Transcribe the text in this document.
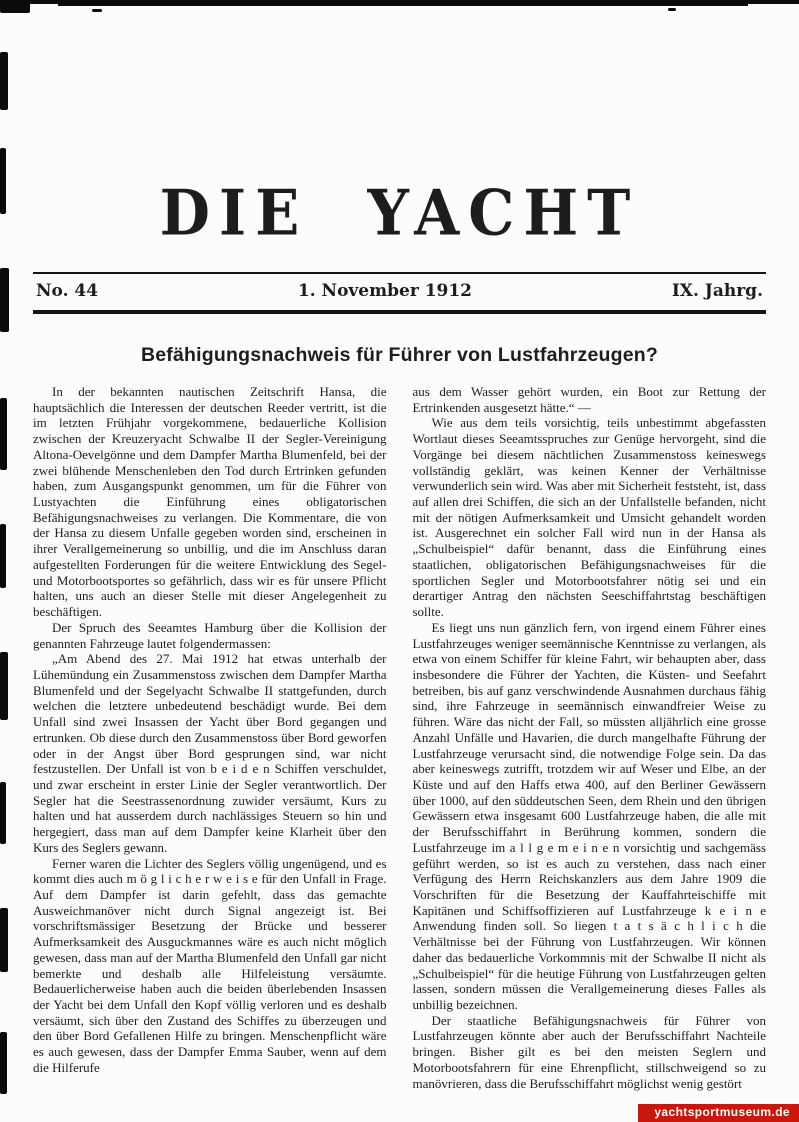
DIE YACHT
No. 44	1. November 1912	IX. Jahrg.
Befähigungsnachweis für Führer von Lustfahrzeugen?

In der bekannten nautischen Zeitschrift Hansa, die hauptsächlich die Interessen der deutschen Reeder vertritt, ist die im letzten Frühjahr vorgekommene, bedauerliche Kollision zwischen der Kreuzeryacht Schwalbe II der Segler-Vereinigung Altona-Oevelgönne und dem Dampfer Martha Blumenfeld, bei der zwei blühende Menschenleben den Tod durch Ertrinken gefunden haben, zum Ausgangspunkt genommen, um für die Führer von Lustyachten die Einführung eines obligatorischen Befähigungsnachweises zu verlangen. Die Kommentare, die von der Hansa zu diesem Unfalle gegeben worden sind, erscheinen in ihrer Verallgemeinerung so unbillig, und die im Anschluss daran aufgestellten Forderungen für die weitere Entwicklung des Segel- und Motorbootsportes so gefährlich, dass wir es für unsere Pflicht halten, uns auch an dieser Stelle mit dieser Angelegenheit zu beschäftigen.

Der Spruch des Seeamtes Hamburg über die Kollision der genannten Fahrzeuge lautet folgendermassen:

„Am Abend des 27. Mai 1912 hat etwas unterhalb der Lühemündung ein Zusammenstoss zwischen dem Dampfer Martha Blumenfeld und der Segelyacht Schwalbe II stattgefunden, durch welchen die letztere unbedeutend beschädigt wurde. Bei dem Unfall sind zwei Insassen der Yacht über Bord gegangen und ertrunken. Ob diese durch den Zusammenstoss über Bord geworfen oder in der Angst über Bord gesprungen sind, war nicht festzustellen. Der Unfall ist von b e i d e n Schiffen verschuldet, und zwar erscheint in erster Linie der Segler verantwortlich. Der Segler hat die Seestrassenordnung zuwider versäumt, Kurs zu halten und hat ausserdem durch nachlässiges Steuern so hin und hergegiert, dass man auf dem Dampfer keine Klarheit über den Kurs des Seglers gewann.

Ferner waren die Lichter des Seglers völlig ungenügend, und es kommt dies auch m ö g l i c h e r w e i s e für den Unfall in Frage. Auf dem Dampfer ist darin gefehlt, dass das gemachte Ausweichmanöver nicht durch Signal angezeigt ist. Bei vorschriftsmässiger Besetzung der Brücke und besserer Aufmerksamkeit des Ausguckmannes wäre es auch nicht möglich gewesen, dass man auf der Martha Blumenfeld den Unfall gar nicht bemerkte und deshalb alle Hilfeleistung versäumte. Bedauerlicherweise haben auch die beiden überlebenden Insassen der Yacht bei dem Unfall den Kopf völlig verloren und es deshalb versäumt, sich über den Zustand des Schiffes zu überzeugen und den über Bord Gefallenen Hilfe zu bringen. Menschenpflicht wäre es auch gewesen, dass der Dampfer Emma Sauber, wenn auf dem die Hilferufe

aus dem Wasser gehört wurden, ein Boot zur Rettung der Ertrinkenden ausgesetzt hätte.“ —

Wie aus dem teils vorsichtig, teils unbestimmt abgefassten Wortlaut dieses Seeamtsspruches zur Genüge hervorgeht, sind die Vorgänge bei diesem nächtlichen Zusammenstoss keineswegs vollständig geklärt, was keinen Kenner der Verhältnisse verwunderlich sein wird. Was aber mit Sicherheit feststeht, ist, dass auf allen drei Schiffen, die sich an der Unfallstelle befanden, nicht mit der nötigen Aufmerksamkeit und Umsicht gehandelt worden ist. Ausgerechnet ein solcher Fall wird nun in der Hansa als „Schulbeispiel“ dafür benannt, dass die Einführung eines staatlichen, obligatorischen Befähigungsnachweises für die sportlichen Segler und Motorbootsfahrer nötig sei und ein derartiger Antrag den nächsten Seeschiffahrtstag beschäftigen sollte.

Es liegt uns nun gänzlich fern, von irgend einem Führer eines Lustfahrzeuges weniger seemännische Kenntnisse zu verlangen, als etwa von einem Schiffer für kleine Fahrt, wir behaupten aber, dass insbesondere die Führer der Yachten, die Küsten- und Seefahrt betreiben, bis auf ganz verschwindende Ausnahmen durchaus fähig sind, ihre Fahrzeuge in seemännisch einwandfreier Weise zu führen. Wäre das nicht der Fall, so müssten alljährlich eine grosse Anzahl Unfälle und Havarien, die durch mangelhafte Führung der Lustfahrzeuge verursacht sind, die notwendige Folge sein. Da das aber keineswegs zutrifft, trotzdem wir auf Weser und Elbe, an der Küste und auf den Haffs etwa 400, auf den Berliner Gewässern über 1000, auf den süddeutschen Seen, dem Rhein und den übrigen Gewässern etwa insgesamt 600 Lustfahrzeuge haben, die alle mit der Berufsschiffahrt in Berührung kommen, sondern die Lustfahrzeuge im a l l g e m e i n e n vorsichtig und sachgemäss geführt werden, so ist es auch zu verstehen, dass nach einer Verfügung des Herrn Reichskanzlers aus dem Jahre 1909 die Vorschriften für die Besetzung der Kauffahrteischiffe mit Kapitänen und Schiffsoffizieren auf Lustfahrzeuge k e i n e Anwendung finden soll. So liegen t a t s ä c h l i c h die Verhältnisse bei der Führung von Lustfahrzeugen. Wir können daher das bedauerliche Vorkommnis mit der Schwalbe II nicht als „Schulbeispiel“ für die heutige Führung von Lustfahrzeugen gelten lassen, sondern müssen die Verallgemeinerung dieses Falles als unbillig bezeichnen.

Der staatliche Befähigungsnachweis für Führer von Lustfahrzeugen könnte aber auch der Berufsschiffahrt Nachteile bringen. Bisher gilt es bei den meisten Seglern und Motorbootsfahrern für eine Ehrenpflicht, stillschweigend so zu manövrieren, dass die Berufsschiffahrt möglichst wenig gestört

yachtsportmuseum.de
